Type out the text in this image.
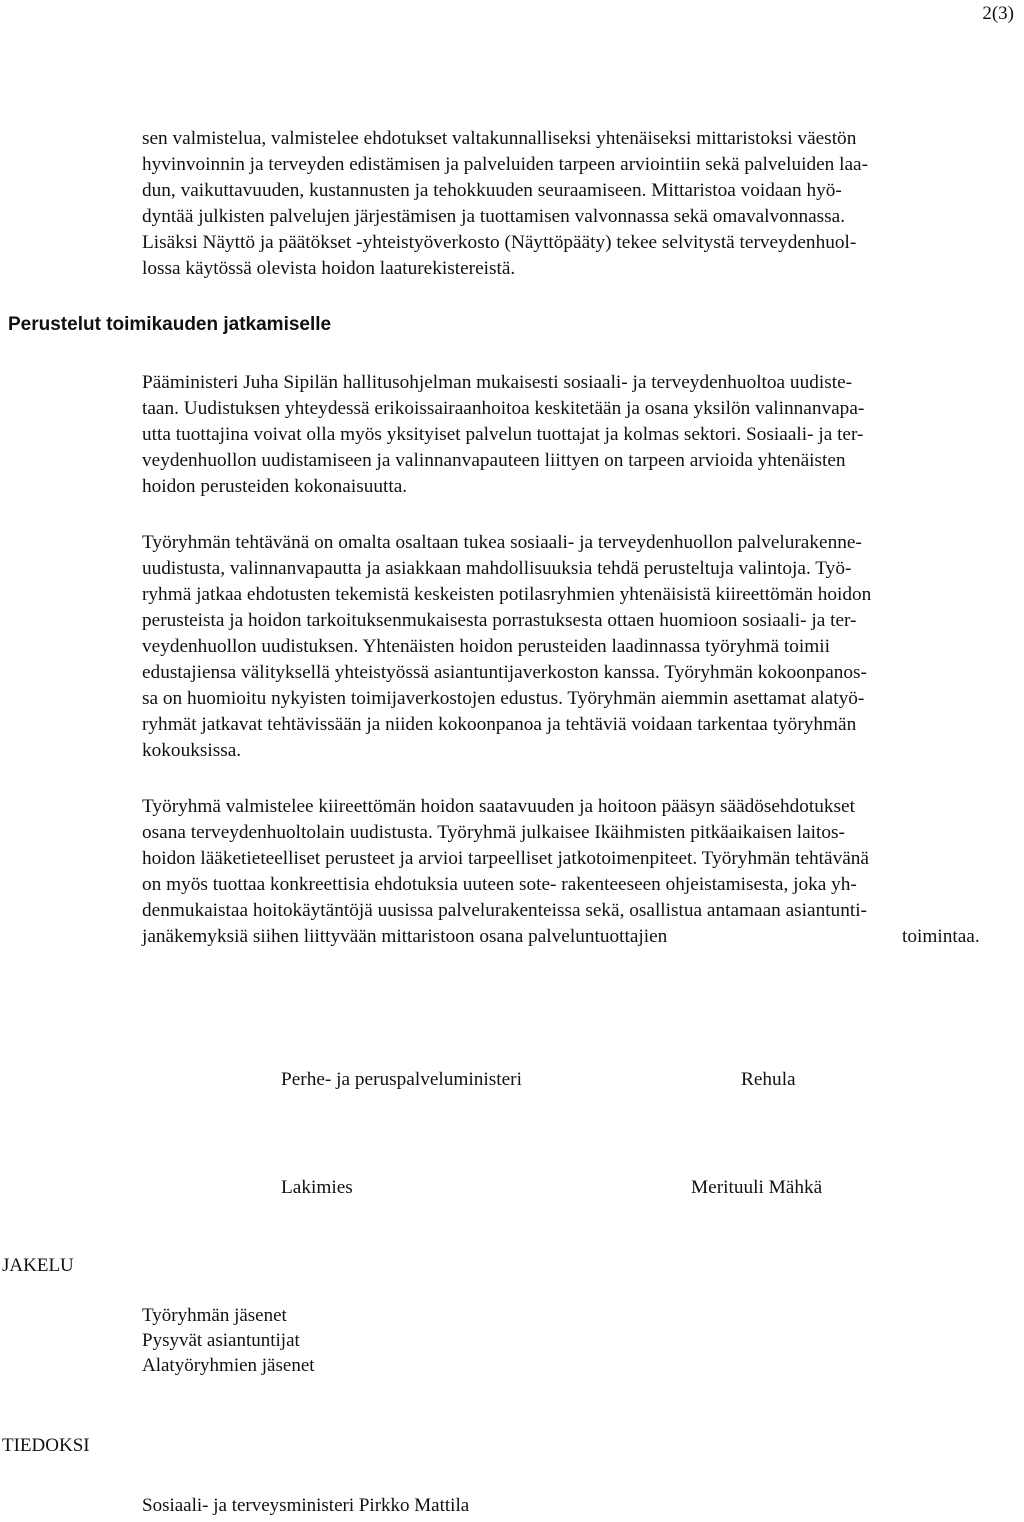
2(3)
sen valmistelua, valmistelee ehdotukset valtakunnalliseksi yhtenäiseksi mittaristoksi väestön
hyvinvoinnin ja terveyden edistämisen ja palveluiden tarpeen arviointiin sekä palveluiden laa-
dun, vaikuttavuuden, kustannusten ja tehokkuuden seuraamiseen. Mittaristoa voidaan hyö-
dyntää julkisten palvelujen järjestämisen ja tuottamisen valvonnassa sekä omavalvonnassa.
Lisäksi Näyttö ja päätökset -yhteistyöverkosto (Näyttöpääty) tekee selvitystä terveydenhuol-
lossa käytössä olevista hoidon laaturekistereistä.
Perustelut toimikauden jatkamiselle
Pääministeri Juha Sipilän hallitusohjelman mukaisesti sosiaali- ja terveydenhuoltoa uudiste-
taan. Uudistuksen yhteydessä erikoissairaanhoitoa keskitetään ja osana yksilön valinnanvapa-
utta tuottajina voivat olla myös yksityiset palvelun tuottajat ja kolmas sektori. Sosiaali- ja ter-
veydenhuollon uudistamiseen ja valinnanvapauteen liittyen on tarpeen arvioida yhtenäisten
hoidon perusteiden kokonaisuutta.
Työryhmän tehtävänä on omalta osaltaan tukea sosiaali- ja terveydenhuollon palvelurakenne-
uudistusta, valinnanvapautta ja asiakkaan mahdollisuuksia tehdä perusteltuja valintoja. Työ-
ryhmä jatkaa ehdotusten tekemistä keskeisten potilasryhmien yhtenäisistä kiireettömän hoidon
perusteista ja hoidon tarkoituksenmukaisesta porrastuksesta ottaen huomioon sosiaali- ja ter-
veydenhuollon uudistuksen. Yhtenäisten hoidon perusteiden laadinnassa työryhmä toimii
edustajiensa välityksellä yhteistyössä asiantuntijaverkoston kanssa. Työryhmän kokoonpanos-
sa on huomioitu nykyisten toimijaverkostojen edustus. Työryhmän aiemmin asettamat alatyö-
ryhmät jatkavat tehtävissään ja niiden kokoonpanoa ja tehtäviä voidaan tarkentaa työryhmän
kokouksissa.
Työryhmä valmistelee kiireettömän hoidon saatavuuden ja hoitoon pääsyn säädösehdotukset
osana terveydenhuoltolain uudistusta. Työryhmä julkaisee Ikäihmisten pitkäaikaisen laitos-
hoidon lääketieteelliset perusteet ja arvioi tarpeelliset jatkotoimenpiteet. Työryhmän tehtävänä
on myös tuottaa konkreettisia ehdotuksia uuteen sote- rakenteeseen ohjeistamisesta, joka yh-
denmukaistaa hoitokäytäntöjä uusissa palvelurakenteissa sekä, osallistua antamaan asiantunti-
janäkemyksiä siihen liittyvään mittaristoon osana palveluntuottajien	toimintaa.
Perhe- ja peruspalveluministeri	Rehula
Lakimies	Merituuli Mähkä
JAKELU
Työryhmän jäsenet
Pysyvät asiantuntijat
Alatyöryhmien jäsenet
TIEDOKSI
Sosiaali- ja terveysministeri Pirkko Mattila
